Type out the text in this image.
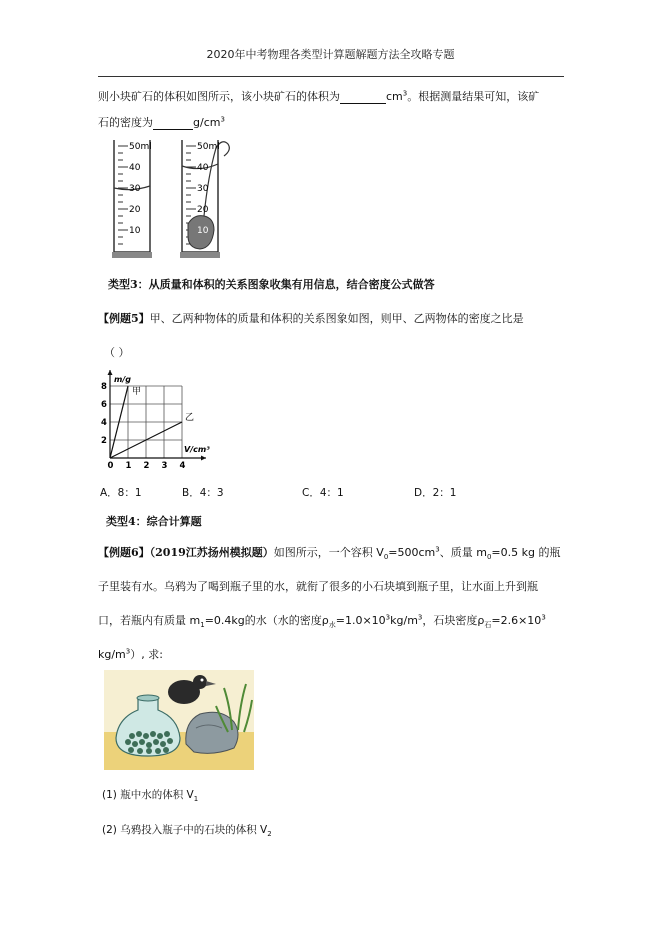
2020年中考物理各类型计算题解题方法全攻略专题
则小块矿石的体积如图所示，该小块矿石的体积为	$cm^3$。根据测量结果可知，该矿
石的密度为	$g/cm^3$
50ml
40
30
20
10
50ml
40
30
20
10
类型3：从质量和体积的关系图象收集有用信息，结合密度公式做答
【例题5】甲、乙两种物体的质量和体积的关系图象如图，则甲、乙两物体的密度之比是
（ ）
甲
乙
0 1 2 3 4
2
4
6
8
V/cm³
m/g
A．8：1	B．4：3	C．4：1	D．2：1
类型4：综合计算题
【例题6】（2019江苏扬州模拟题）如图所示，一个容积 $V_0=500cm^3$、质量 $m_0=0.5$ kg 的瓶
子里装有水。乌鸦为了喝到瓶子里的水，就衔了很多的小石块填到瓶子里，让水面上升到瓶
口，若瓶内有质量 $m_1=0.4kg$的水（水的密度$\rho_水=1.0\times 10^3kg/m^3$，石块密度$\rho_石=2.6\times 10^3$
$kg/m^3$）, 求:
(1) 瓶中水的体积 $V_1$
(2) 乌鸦投入瓶子中的石块的体积 $V_2$
